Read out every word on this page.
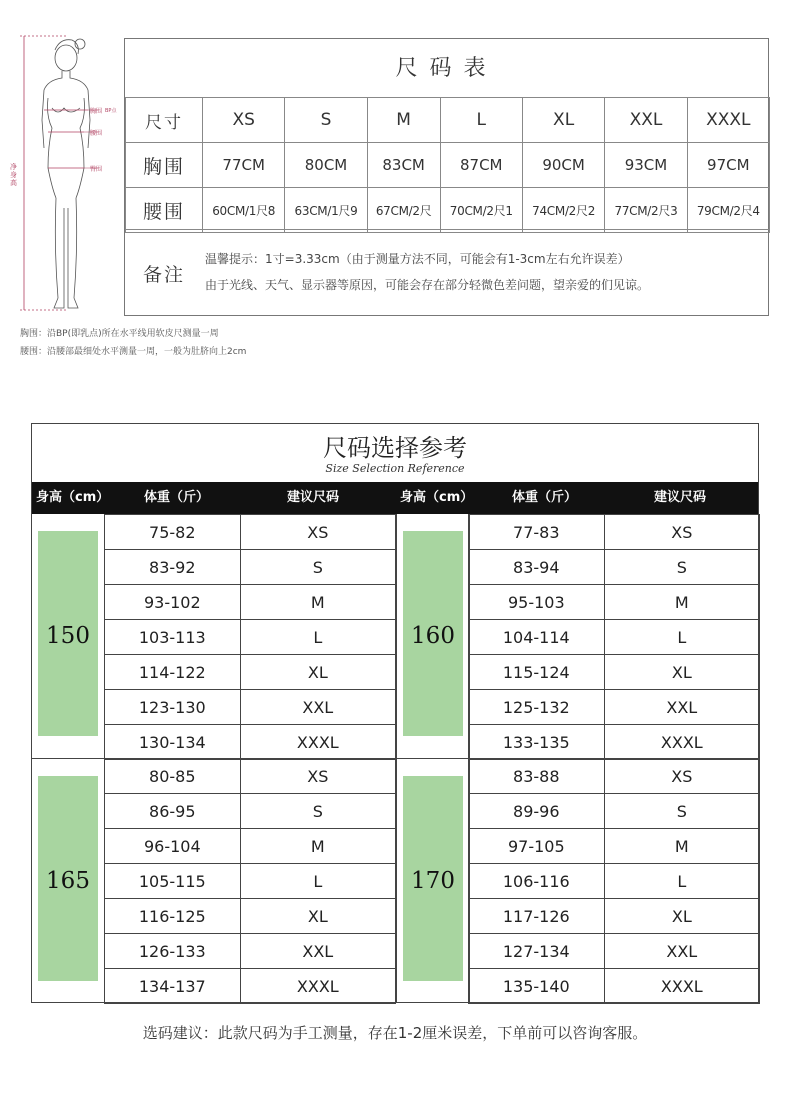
胸围 BP点
腰围
臀围
净身高
尺码表
尺寸	XS	S	M	L	XL	XXL	XXXL
胸围	77CM	80CM	83CM	87CM	90CM	93CM	97CM
腰围	60CM/1尺8	63CM/1尺9	67CM/2尺	70CM/2尺1	74CM/2尺2	77CM/2尺3	79CM/2尺4
备注
温馨提示：1寸=3.33cm（由于测量方法不同，可能会有1-3cm左右允许误差）
由于光线、天气、显示器等原因，可能会存在部分轻微色差问题，望亲爱的们见谅。
胸围：沿BP(即乳点)所在水平线用软皮尺测量一周
腰围：沿腰部最细处水平测量一周，一般为肚脐向上2cm
尺码选择参考
Size Selection Reference
身高（cm）	体重（斤）	建议尺码	身高（cm）	体重（斤）	建议尺码
150
75-82	XS
83-92	S
93-102	M
103-113	L
114-122	XL
123-130	XXL
130-134	XXXL
160
77-83	XS
83-94	S
95-103	M
104-114	L
115-124	XL
125-132	XXL
133-135	XXXL
165
80-85	XS
86-95	S
96-104	M
105-115	L
116-125	XL
126-133	XXL
134-137	XXXL
170
83-88	XS
89-96	S
97-105	M
106-116	L
117-126	XL
127-134	XXL
135-140	XXXL
选码建议：此款尺码为手工测量，存在1-2厘米误差，下单前可以咨询客服。
